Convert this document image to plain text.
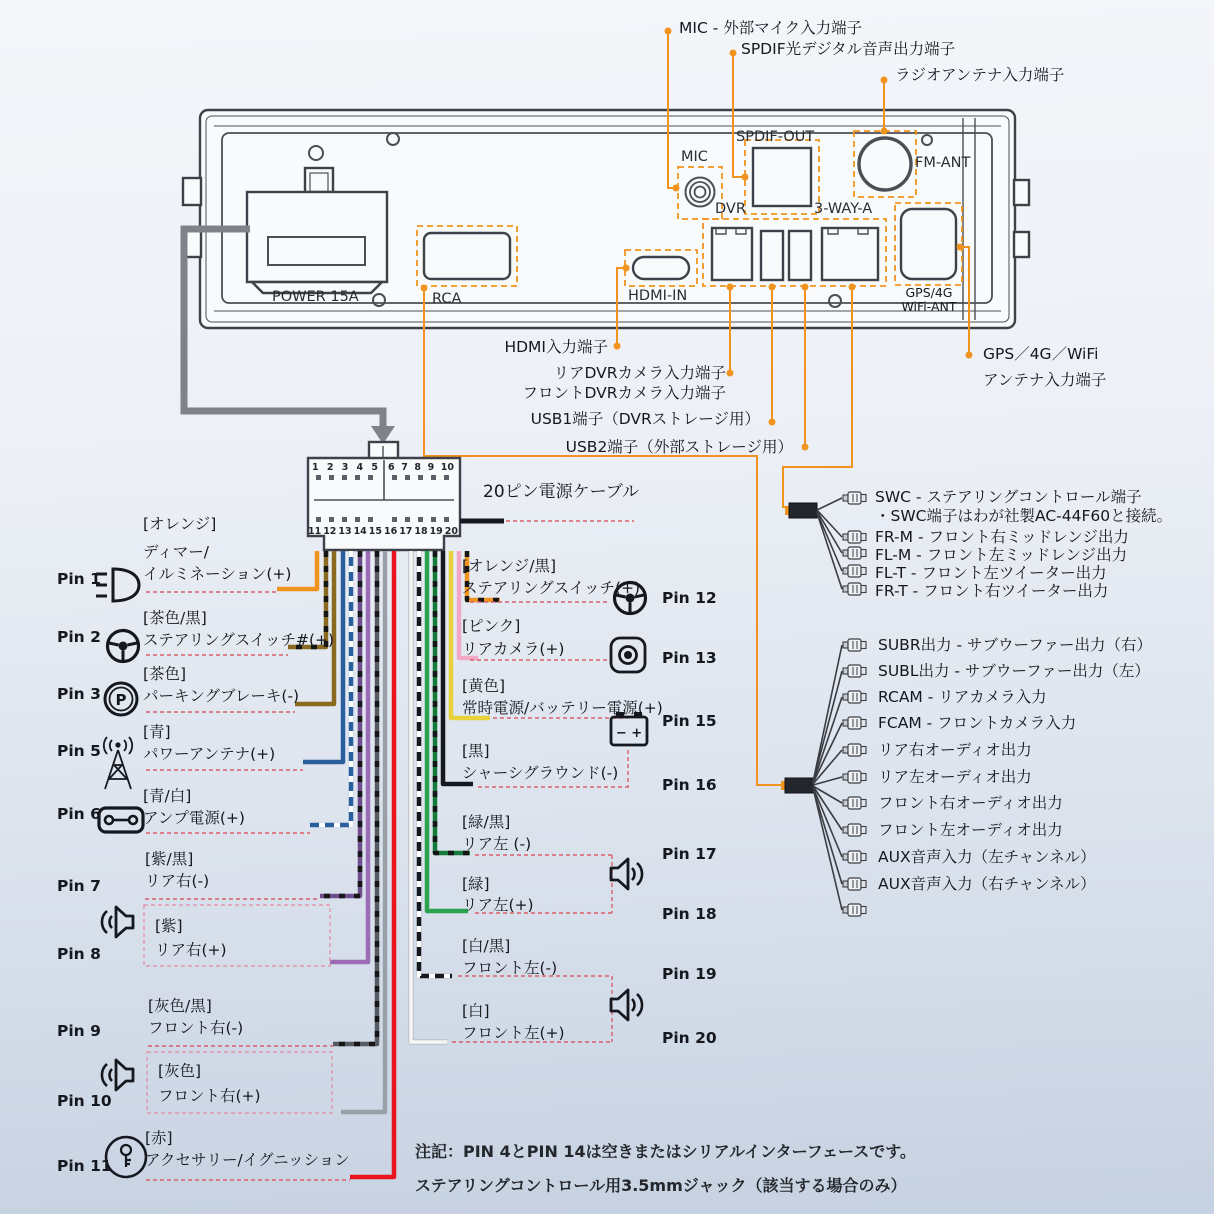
P
− +
MIC - 外部マイク入力端子
SPDIF光デジタル音声出力端子
ラジオアンテナ入力端子
POWER 15A	RCA	HDMI-IN
MIC
SPDIF-OUT
FM-ANT
DVR	3-WAY-A
GPS/4G
WiFi-ANT
HDMI入力端子
リアDVRカメラ入力端子
フロントDVRカメラ入力端子
USB1端子（DVRストレージ用）
USB2端子（外部ストレージ用）
GPS／4G／WiFi
アンテナ入力端子
1 2 3 4 5 6 7 8 9 10
11 12 13 14 15 16 17 18 19 20
20ピン電源ケーブル
[オレンジ]
ディマー/
イルミネーション(+)
Pin 1
[茶色/黒]
ステアリングスイッチ#(+)
Pin 2
[茶色]
パーキングブレーキ(-)
Pin 3
[青]
パワーアンテナ(+)
Pin 5
[青/白]
アンプ電源(+)
Pin 6
[紫/黒]
リア右(-)
Pin 7
[紫]
リア右(+)
Pin 8
[灰色/黒]
フロント右(-)
Pin 9
[灰色]
フロント右(+)
Pin 10
[赤]
アクセサリー/イグニッション
Pin 11
[オレンジ/黒]
ステアリングスイッチ(+)
Pin 12
[ピンク]
リアカメラ(+)	Pin 13
[黄色]
常時電源/バッテリー電源(+)
Pin 15
[黒]
シャーシグラウンド(-)
Pin 16
[緑/黒]
リア左 (-)
Pin 17
[緑]
リア左(+)	Pin 18
[白/黒]
フロント左(-)	Pin 19
[白]
フロント左(+)	Pin 20
SWC - ステアリングコントロール端子
・SWC端子はわが社製AC-44F60と接続。
FR-M - フロント右ミッドレンジ出力
FL-M - フロント左ミッドレンジ出力
FL-T - フロント左ツイーター出力
FR-T - フロント右ツイーター出力
SUBR出力 - サブウーファー出力（右）
SUBL出力 - サブウーファー出力（左）
RCAM - リアカメラ入力
FCAM - フロントカメラ入力
リア右オーディオ出力
リア左オーディオ出力
フロント右オーディオ出力
フロント左オーディオ出力
AUX音声入力（左チャンネル）
AUX音声入力（右チャンネル）
注記：PIN 4とPIN 14は空きまたはシリアルインターフェースです。
ステアリングコントロール用3.5mmジャック（該当する場合のみ）
